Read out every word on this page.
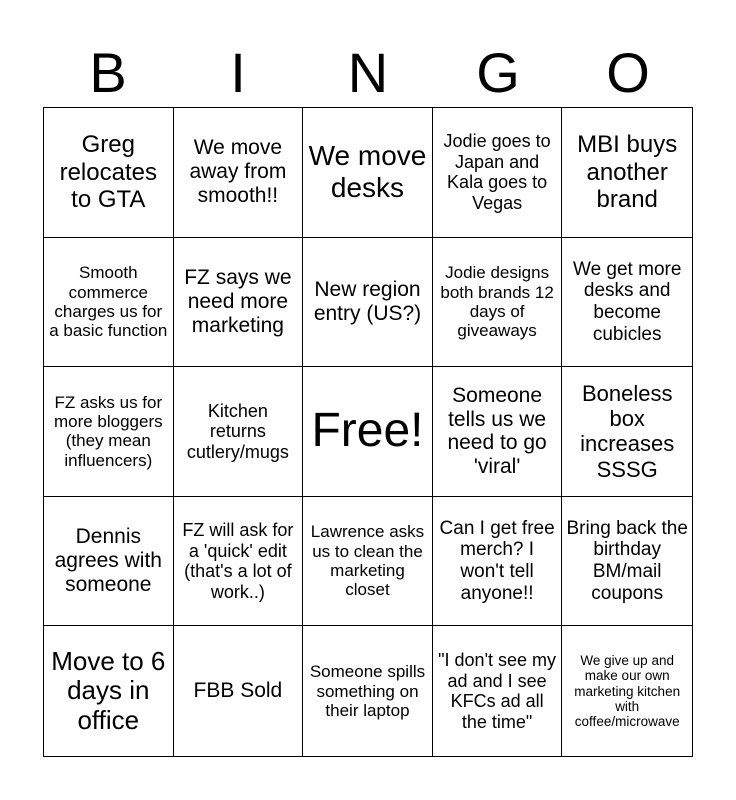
B	I	N	G	O
Greg relocates to GTA
We move away from smooth!!
We move desks
Jodie goes to Japan and Kala goes to Vegas
MBI buys another brand
Smooth commerce charges us for a basic function
FZ says we need more marketing
New region entry (US?)
Jodie designs both brands 12 days of giveaways
We get more desks and become cubicles
FZ asks us for more bloggers (they mean influencers)
Kitchen returns cutlery/mugs Free!
Someone tells us we need to go 'viral'
Boneless box increases SSSG
Dennis agrees with someone
FZ will ask for a 'quick' edit (that's a lot of work..)
Lawrence asks us to clean the marketing closet
Can I get free merch? I won't tell anyone!!
Bring back the birthday BM/mail coupons
Move to 6 days in office
FBB Sold
Someone spills something on their laptop
"I don't see my ad and I see KFCs ad all the time"
We give up and make our own marketing kitchen with coffee/microwave
